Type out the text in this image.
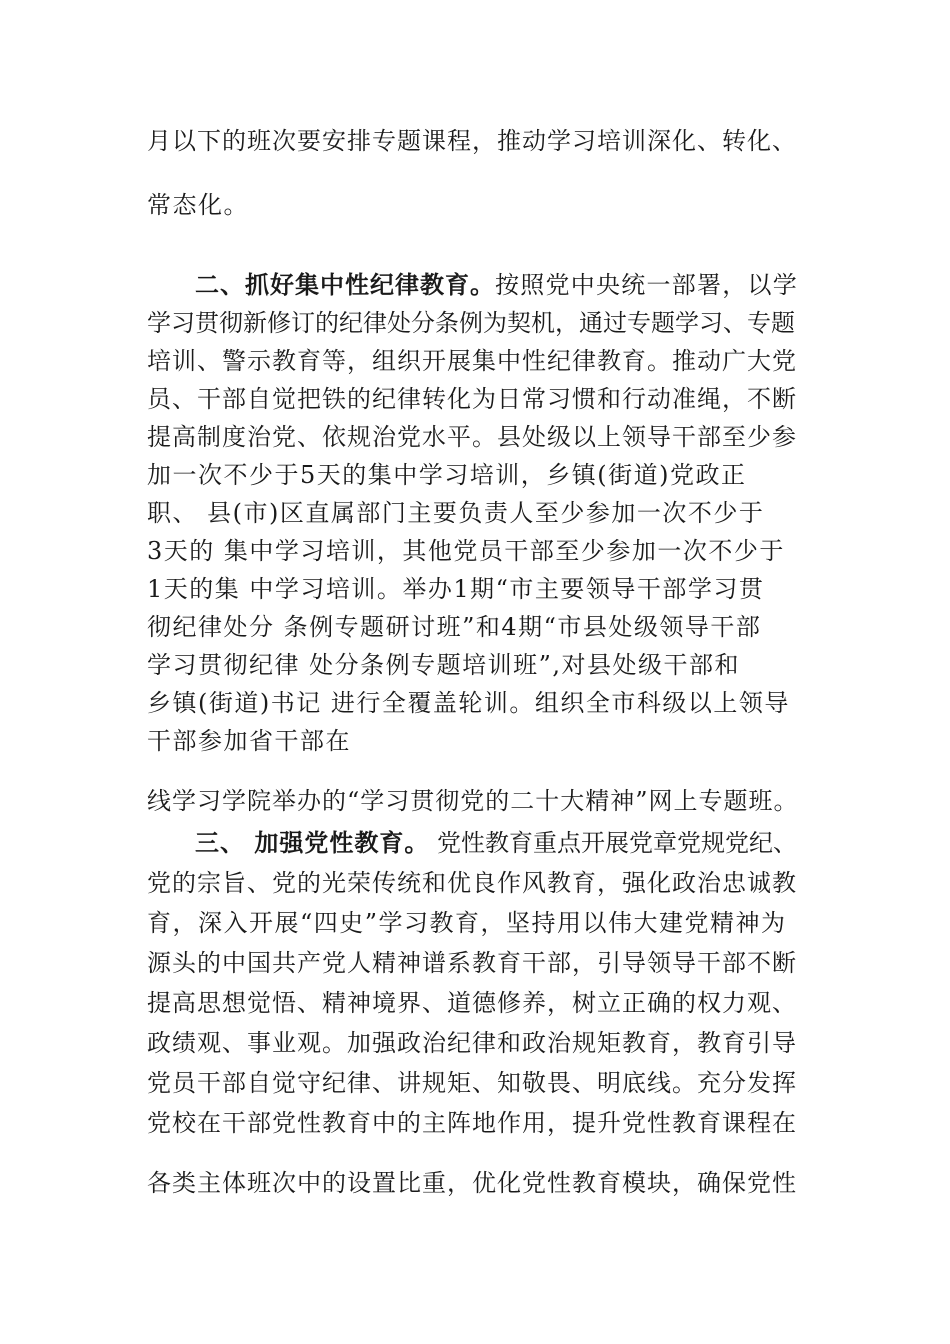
月以下的班次要安排专题课程，推动学习培训深化、转化、

常态化。

二、抓好集中性纪律教育。按照党中央统一部署，以学

学习贯彻新修订的纪律处分条例为契机，通过专题学习、专题

培训、警示教育等，组织开展集中性纪律教育。推动广大党

员、干部自觉把铁的纪律转化为日常习惯和行动准绳，不断

提高制度治党、依规治党水平。县处级以上领导干部至少参

加一次不少于5天的集中学习培训，乡镇(街道)党政正

职、 县(市)区直属部门主要负责人至少参加一次不少于

3天的 集中学习培训，其他党员干部至少参加一次不少于

1天的集 中学习培训。举办1期“市主要领导干部学习贯

彻纪律处分 条例专题研讨班”和4期“市县处级领导干部

学习贯彻纪律 处分条例专题培训班”,对县处级干部和

乡镇(街道)书记 进行全覆盖轮训。组织全市科级以上领导

干部参加省干部在

线学习学院举办的“学习贯彻党的二十大精神”网上专题班。

三、 加强党性教育。 党性教育重点开展党章党规党纪、

党的宗旨、党的光荣传统和优良作风教育，强化政治忠诚教

育，深入开展“四史”学习教育，坚持用以伟大建党精神为

源头的中国共产党人精神谱系教育干部，引导领导干部不断

提高思想觉悟、精神境界、道德修养，树立正确的权力观、

政绩观、事业观。加强政治纪律和政治规矩教育，教育引导

党员干部自觉守纪律、讲规矩、知敬畏、明底线。充分发挥

党校在干部党性教育中的主阵地作用，提升党性教育课程在

各类主体班次中的设置比重，优化党性教育模块，确保党性
